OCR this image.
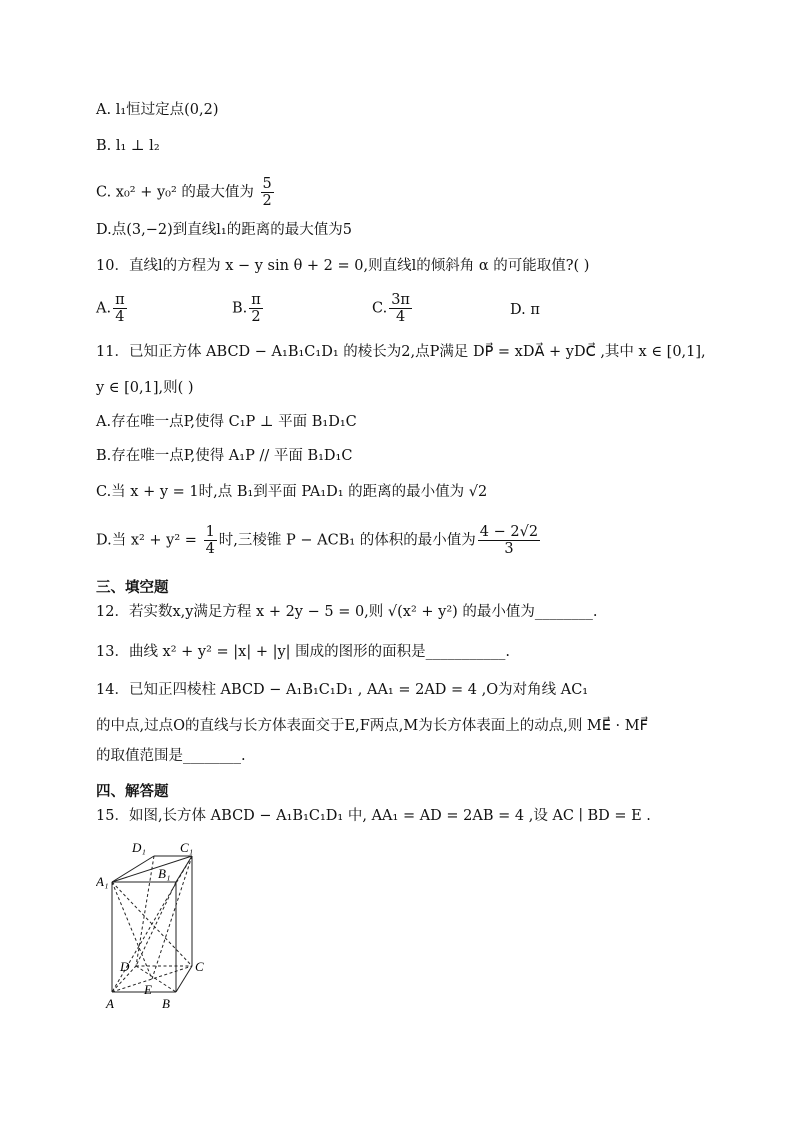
A. l₁恒过定点(0,2)
B. l₁ ⊥ l₂
C. x₀² + y₀² 的最大值为 $\frac{5}{2}$
D.点(3,−2)到直线l₁的距离的最大值为5
10．直线l的方程为 x − y sin θ + 2 = 0,则直线l的倾斜角 α 的可能取值?( )
A. $\frac{\pi}{4}$	B. $\frac{\pi}{2}$	C. $\frac{3\pi}{4}$	D. π
11．已知正方体 ABCD − A₁B₁C₁D₁ 的棱长为2,点P满足 DP⃗ = xDA⃗ + yDC⃗ ,其中 x ∈ [0,1],
y ∈ [0,1],则( )
A.存在唯一点P,使得 C₁P ⊥ 平面 B₁D₁C
B.存在唯一点P,使得 A₁P // 平面 B₁D₁C
C.当 x + y = 1时,点 B₁到平面 PA₁D₁ 的距离的最小值为 √2
D.当 $x^2 + y^2 = \frac{1}{4}$ 时,三棱锥 P − ACB₁ 的体积的最小值为 $\frac{4 - 2√2}{3}$
三、填空题
12．若实数x,y满足方程 x + 2y − 5 = 0,则 √(x² + y²) 的最小值为________.
13．曲线 x² + y² = |x| + |y| 围成的图形的面积是___________.
14．已知正四棱柱 ABCD − A₁B₁C₁D₁ , AA₁ = 2AD = 4 ,O为对角线 AC₁
的中点,过点O的直线与长方体表面交于E,F两点,M为长方体表面上的动点,则 ME⃗ · MF⃗
的取值范围是________.
四、解答题
15．如图,长方体 ABCD − A₁B₁C₁D₁ 中, AA₁ = AD = 2AB = 4 ,设 AC ∣ BD = E .
D₁	C₁
A₁
B₁
D	C
E
A	B
